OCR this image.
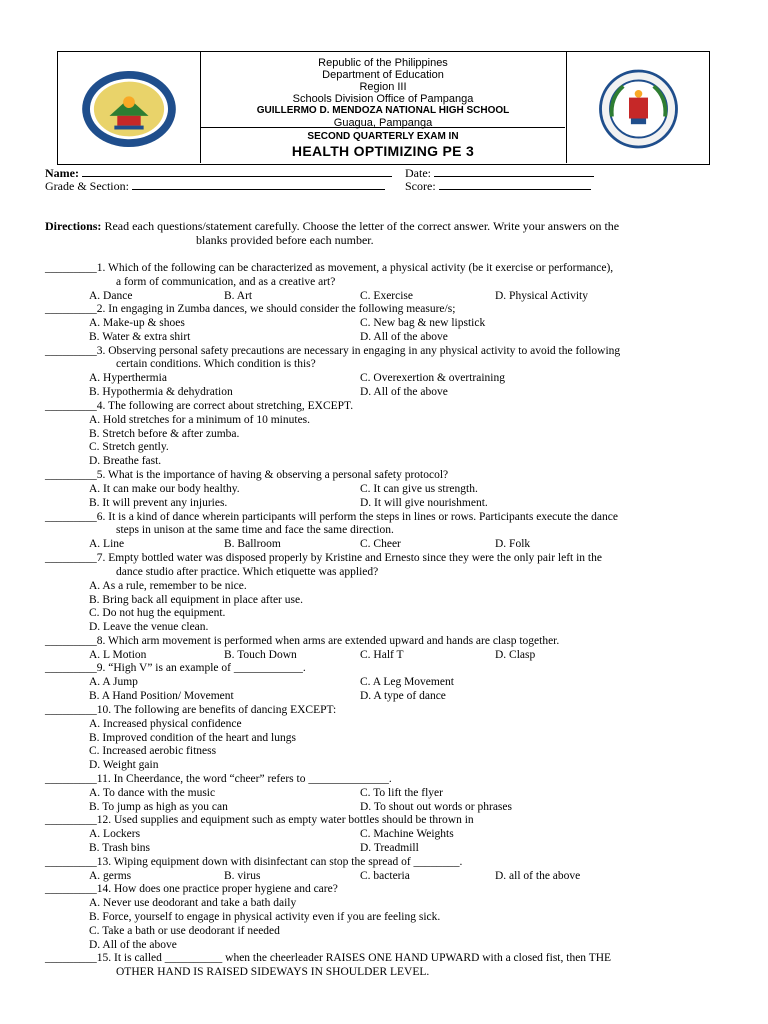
Republic of the Philippines
Department of Education
Region III
Schools Division Office of Pampanga
GUILLERMO D. MENDOZA NATIONAL HIGH SCHOOL
Guagua, Pampanga
SECOND QUARTERLY EXAM IN
HEALTH OPTIMIZING PE 3
Name:	Date:
Grade & Section:	Score:
Directions: Read each questions/statement carefully. Choose the letter of the correct answer. Write your answers on the
blanks provided before each number.
_________1. Which of the following can be characterized as movement, a physical activity (be it exercise or performance),
a form of communication, and as a creative art?
A. Dance	B. Art	C. Exercise	D. Physical Activity
_________2. In engaging in Zumba dances, we should consider the following measure/s;
A. Make-up & shoes	C. New bag & new lipstick
B. Water & extra shirt	D. All of the above
_________3. Observing personal safety precautions are necessary in engaging in any physical activity to avoid the following
certain conditions. Which condition is this?
A. Hyperthermia	C. Overexertion & overtraining
B. Hypothermia & dehydration	D. All of the above
_________4. The following are correct about stretching, EXCEPT.
A. Hold stretches for a minimum of 10 minutes.
B. Stretch before & after zumba.
C. Stretch gently.
D. Breathe fast.
_________5. What is the importance of having & observing a personal safety protocol?
A. It can make our body healthy.	C. It can give us strength.
B. It will prevent any injuries.	D. It will give nourishment.
_________6. It is a kind of dance wherein participants will perform the steps in lines or rows. Participants execute the dance
steps in unison at the same time and face the same direction.
A. Line	B. Ballroom	C. Cheer	D. Folk
_________7. Empty bottled water was disposed properly by Kristine and Ernesto since they were the only pair left in the
dance studio after practice. Which etiquette was applied?
A. As a rule, remember to be nice.
B. Bring back all equipment in place after use.
C. Do not hug the equipment.
D. Leave the venue clean.
_________8. Which arm movement is performed when arms are extended upward and hands are clasp together.
A. L Motion	B. Touch Down	C. Half T	D. Clasp
_________9. “High V” is an example of ____________.
A. A Jump	C. A Leg Movement
B. A Hand Position/ Movement	D. A type of dance
_________10. The following are benefits of dancing EXCEPT:
A. Increased physical confidence
B. Improved condition of the heart and lungs
C. Increased aerobic fitness
D. Weight gain
_________11. In Cheerdance, the word “cheer” refers to ______________.
A. To dance with the music	C. To lift the flyer
B. To jump as high as you can	D. To shout out words or phrases
_________12. Used supplies and equipment such as empty water bottles should be thrown in
A. Lockers	C. Machine Weights
B. Trash bins	D. Treadmill
_________13. Wiping equipment down with disinfectant can stop the spread of ________.
A. germs	B. virus	C. bacteria	D. all of the above
_________14. How does one practice proper hygiene and care?
A. Never use deodorant and take a bath daily
B. Force, yourself to engage in physical activity even if you are feeling sick.
C. Take a bath or use deodorant if needed
D. All of the above
_________15. It is called __________ when the cheerleader RAISES ONE HAND UPWARD with a closed fist, then THE
OTHER HAND IS RAISED SIDEWAYS IN SHOULDER LEVEL.
